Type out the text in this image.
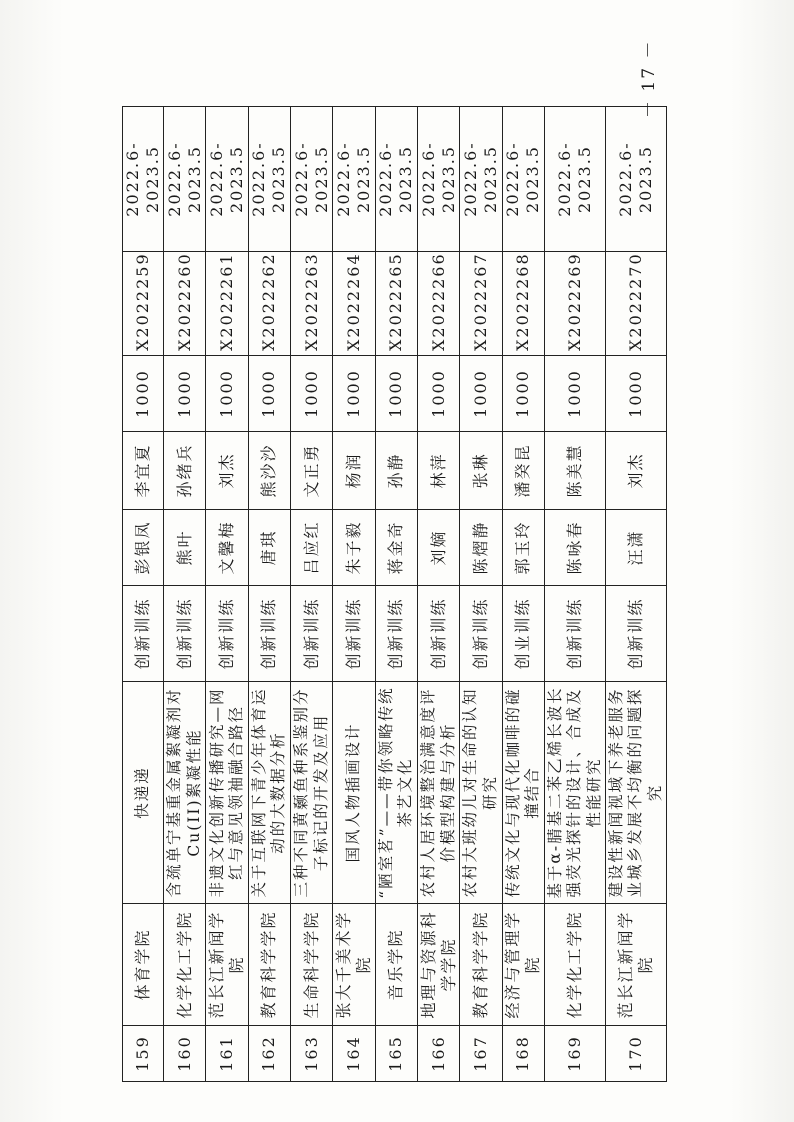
159	体育学院	快递递	创新训练	彭银凤	李宜夏	1000	X2022259	2022.6-2023.5
160	化学化工学院	含巯单宁基重金属絮凝剂对Cu(II)絮凝性能	创新训练	熊叶	孙绪兵	1000	X2022260	2022.6-2023.5
161	范长江新闻学院	非遗文化创新传播研究—网红与意见领袖融合路径	创新训练	文馨梅	刘杰	1000	X2022261	2022.6-2023.5
162	教育科学学院	关于互联网下青少年体育运动的大数据分析	创新训练	唐琪	熊沙沙	1000	X2022262	2022.6-2023.5
163	生命科学学院	三种不同黄颡鱼种系鉴别分子标记的开发及应用	创新训练	吕应红	文正勇	1000	X2022263	2022.6-2023.5
164	张大千美术学院	国风人物插画设计	创新训练	朱子毅	杨润	1000	X2022264	2022.6-2023.5
165	音乐学院	“陋室茗”——带你领略传统茶艺文化	创新训练	蒋金奇	孙静	1000	X2022265	2022.6-2023.5
166	地理与资源科学学院	农村人居环境整治满意度评价模型构建与分析	创新训练	刘嫡	林萍	1000	X2022266	2022.6-2023.5
167	教育科学学院	农村大班幼儿对生命的认知研究	创新训练	陈熠静	张琳	1000	X2022267	2022.6-2023.5
168	经济与管理学院	传统文化与现代化咖啡的碰撞结合	创业训练	郭玉玲	潘癸昆	1000	X2022268	2022.6-2023.5
169	化学化工学院	基于α-腈基二苯乙烯长波长强荧光探针的设计、合成及性能研究	创新训练	陈咏春	陈美慧	1000	X2022269	2022.6-2023.5
170	范长江新闻学院	建设性新闻视域下养老服务业城乡发展不均衡的问题探究	创新训练	汪潇	刘杰	1000	X2022270	2022.6-2023.5
－ 17 －
